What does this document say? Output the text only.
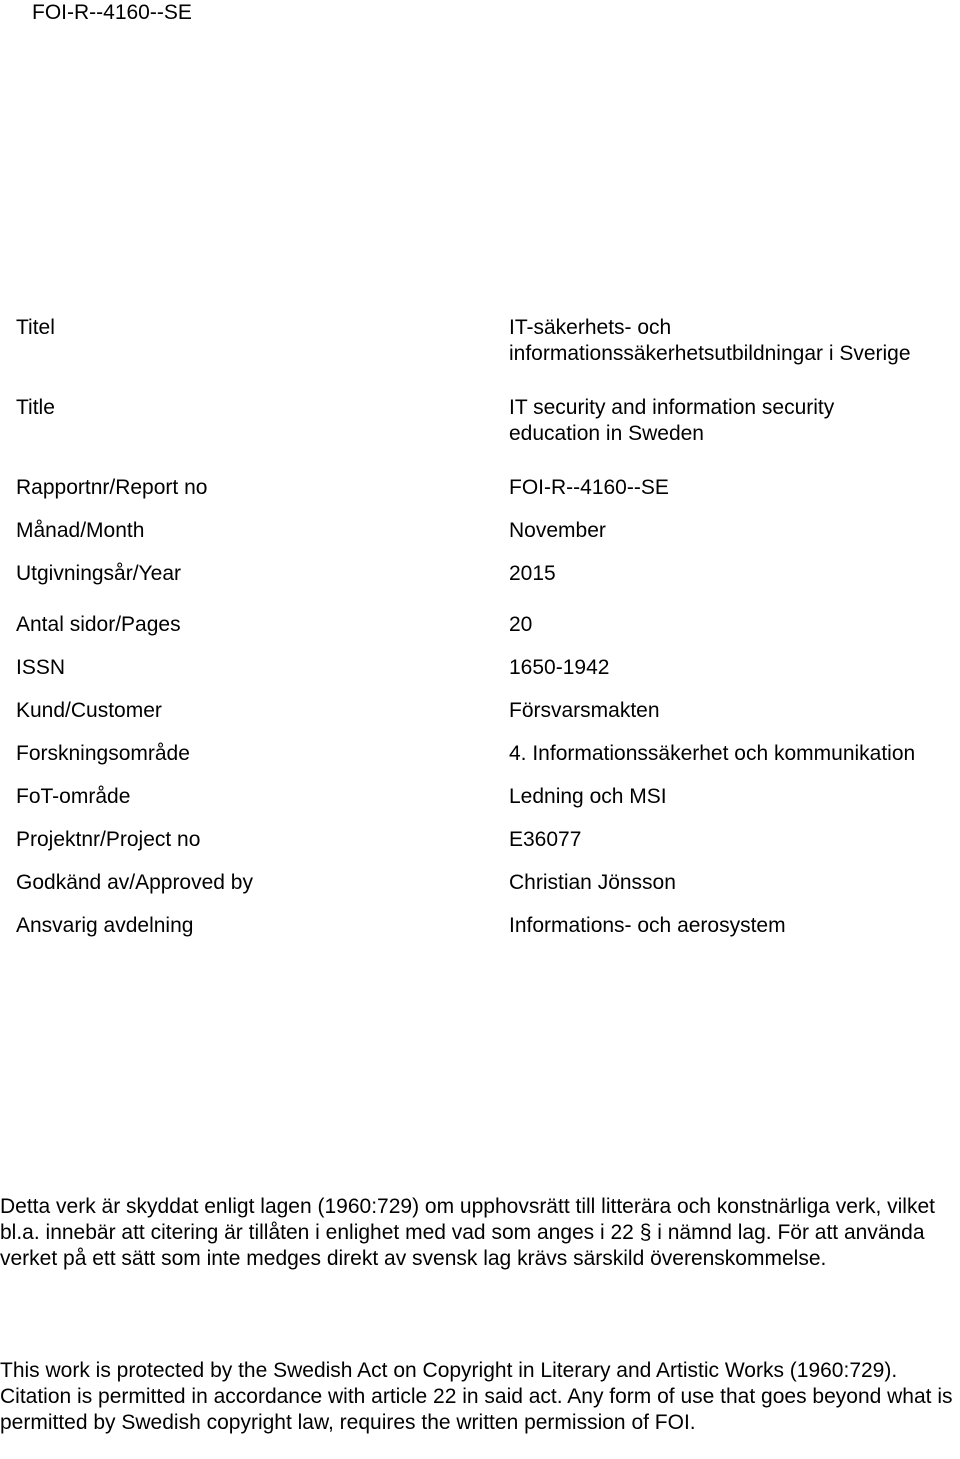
FOI-R--4160--SE
Titel	IT-säkerhets- och
informationssäkerhetsutbildningar i Sverige
Title	IT security and information security
education in Sweden
Rapportnr/Report no	FOI-R--4160--SE
Månad/Month	November
Utgivningsår/Year	2015
Antal sidor/Pages	20
ISSN	1650-1942
Kund/Customer	Försvarsmakten
Forskningsområde	4. Informationssäkerhet och kommunikation
FoT-område	Ledning och MSI
Projektnr/Project no	E36077
Godkänd av/Approved by	Christian Jönsson
Ansvarig avdelning	Informations- och aerosystem
Detta verk är skyddat enligt lagen (1960:729) om upphovsrätt till litterära och konstnärliga verk, vilket bl.a. innebär att citering är tillåten i enlighet med vad som anges i 22 § i nämnd lag. För att använda verket på ett sätt som inte medges direkt av svensk lag krävs särskild överenskommelse.
This work is protected by the Swedish Act on Copyright in Literary and Artistic Works (1960:729). Citation is permitted in accordance with article 22 in said act. Any form of use that goes beyond what is permitted by Swedish copyright law, requires the written permission of FOI.
